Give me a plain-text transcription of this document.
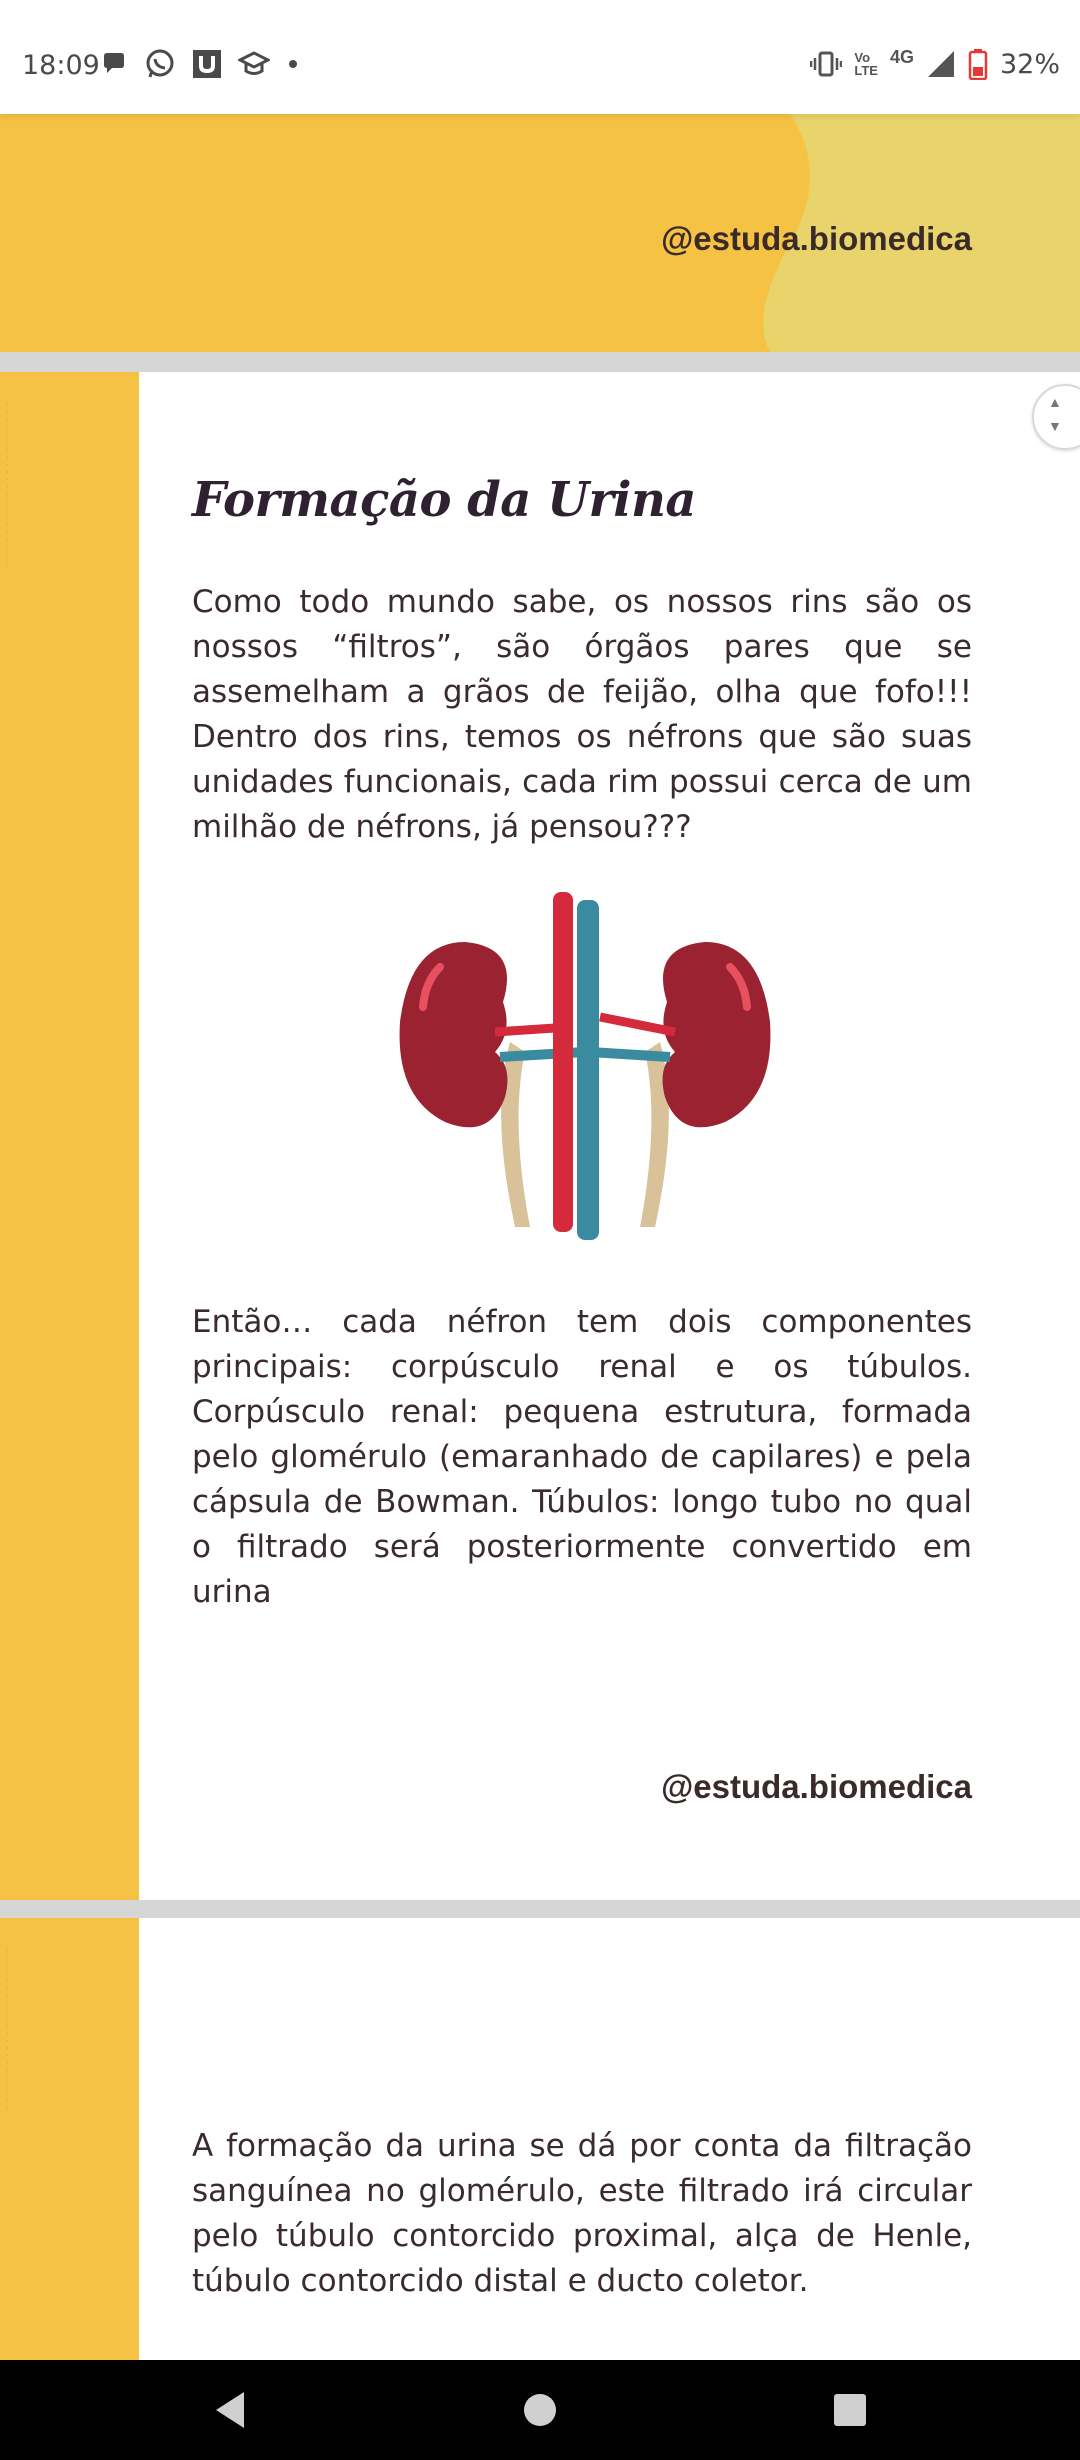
18:09	Vo
LTE
4G	32%
@estuda.biomedica
· · · · · · · · · · · · · · · · · · · · · ·	▲
▼
Formação da Urina

Como todo mundo sabe, os nossos rins são os nossos “filtros”, são órgãos pares que se assemelham a grãos de feijão, olha que fofo!!! Dentro dos rins, temos os néfrons que são suas unidades funcionais, cada rim possui cerca de um milhão de néfrons, já pensou???

Então… cada néfron tem dois componentes principais: corpúsculo renal e os túbulos. Corpúsculo renal: pequena estrutura, formada pelo glomérulo (emaranhado de capilares) e pela cápsula de Bowman. Túbulos: longo tubo no qual o filtrado será posteriormente convertido em urina

@estuda.biomedica
· · · · · · · · · · · · · · · · · · · · · ·

A formação da urina se dá por conta da filtração sanguínea no glomérulo, este filtrado irá circular pelo túbulo contorcido proximal, alça de Henle, túbulo contorcido distal e ducto coletor.
